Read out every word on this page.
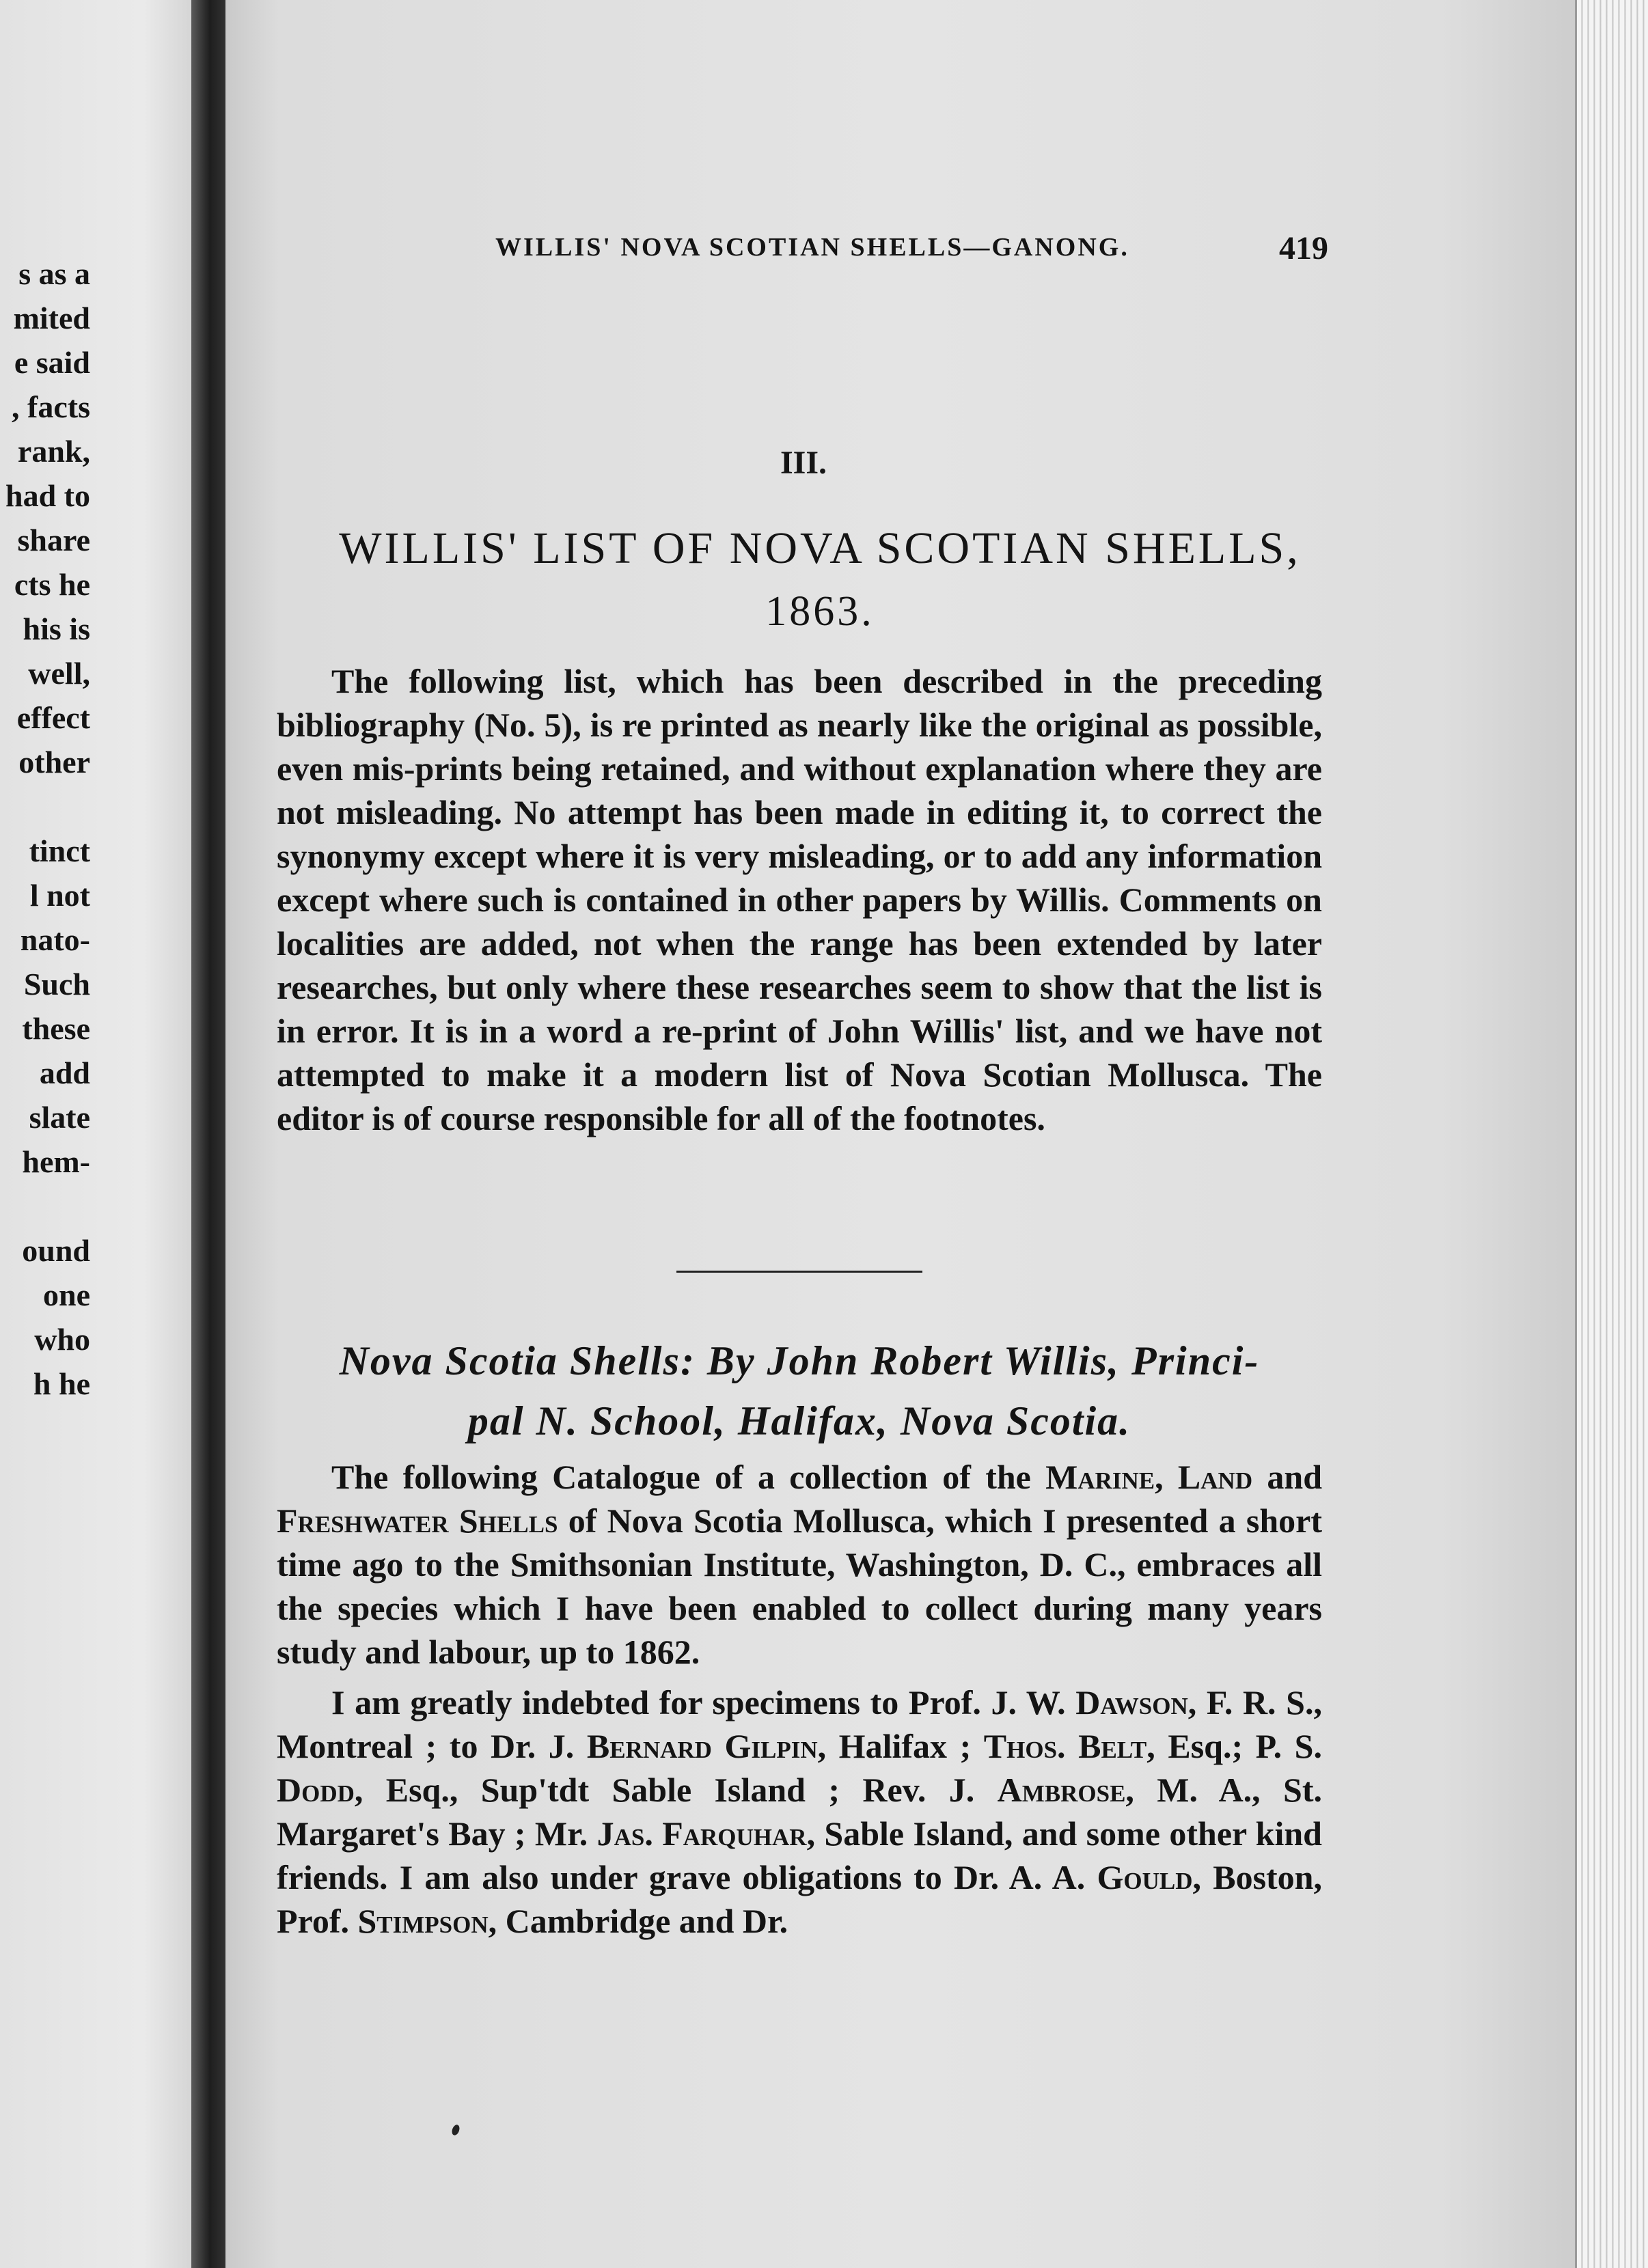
s as a
mited
e said
, facts
rank,
had to
share
cts he
his is
well,
effect
other
tinct
l not
nato-
Such
these
add
slate
hem-
ound
one
who
h he
WILLIS' NOVA SCOTIAN SHELLS—GANONG.	419
III.
WILLIS' LIST OF NOVA SCOTIAN SHELLS,
1863.
The following list, which has been described in the preceding bibliography (No. 5), is re printed as nearly like the original as possible, even mis-prints being retained, and without explanation where they are not misleading. No attempt has been made in editing it, to correct the synonymy except where it is very misleading, or to add any information except where such is contained in other papers by Willis. Comments on localities are added, not when the range has been extended by later researches, but only where these researches seem to show that the list is in error. It is in a word a re-print of John Willis' list, and we have not attempted to make it a modern list of Nova Scotian Mollusca. The editor is of course responsible for all of the footnotes.
Nova Scotia Shells: By John Robert Willis, Princi-
pal N. School, Halifax, Nova Scotia.
The following Catalogue of a collection of the Marine, Land and Freshwater Shells of Nova Scotia Mollusca, which I presented a short time ago to the Smithsonian Institute, Washington, D. C., embraces all the species which I have been enabled to collect during many years study and labour, up to 1862.
I am greatly indebted for specimens to Prof. J. W. Dawson, F. R. S., Montreal ; to Dr. J. Bernard Gilpin, Halifax ; Thos. Belt, Esq.; P. S. Dodd, Esq., Sup'tdt Sable Island ; Rev. J. Ambrose, M. A., St. Margaret's Bay ; Mr. Jas. Farquhar, Sable Island, and some other kind friends. I am also under grave obligations to Dr. A. A. Gould, Boston, Prof. Stimpson, Cambridge and Dr.
